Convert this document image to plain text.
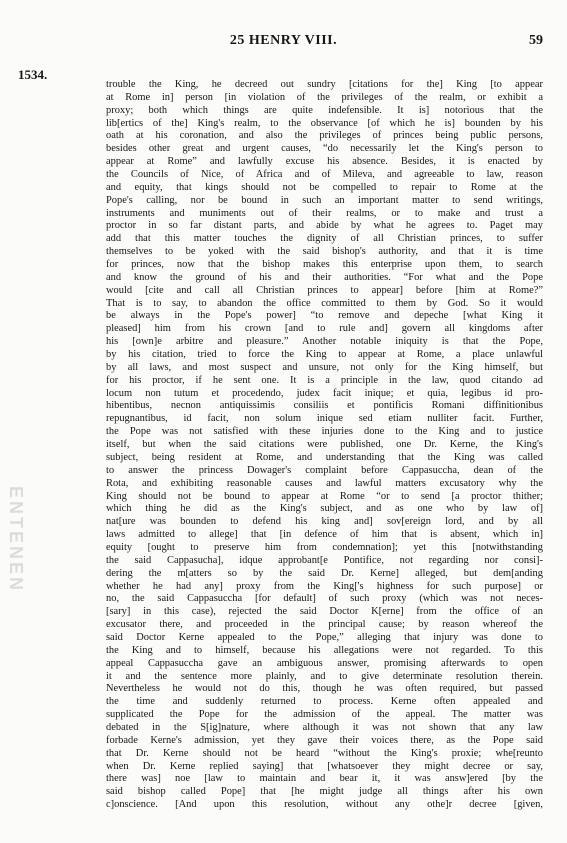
25 HENRY VIII.	59
1534.
ENTENEN
trouble the King, he decreed out sundry [citations for the] King [to appear
at Rome in] person [in violation of the privileges of the realm, or exhibit a
proxy; both which things are quite indefensible. It is] notorious that the
lib[ertics of the] King's realm, to the observance [of which he is] bounden by his
oath at his coronation, and also the privileges of princes being public persons,
besides other great and urgent causes, “do necessarily let the King's person to
appear at Rome” and lawfully excuse his absence. Besides, it is enacted by
the Councils of Nice, of Africa and of Mileva, and agreeable to law, reason
and equity, that kings should not be compelled to repair to Rome at the
Pope's calling, nor be bound in such an important matter to send writings,
instruments and muniments out of their realms, or to make and trust a
proctor in so far distant parts, and abide by what he agrees to. Paget may
add that this matter touches the dignity of all Christian princes, to suffer
themselves to be yoked with the said bishop's authority, and that it is time
for princes, now that the bishop makes this enterprise upon them, to search
and know the ground of his and their authorities. “For what and the Pope
would [cite and call all Christian princes to appear] before [him at Rome?”
That is to say, to abandon the office committed to them by God. So it would
be always in the Pope's power] “to remove and depeche [what King it
pleased] him from his crown [and to rule and] govern all kingdoms after
his [own]e arbitre and pleasure.” Another notable iniquity is that the Pope,
by his citation, tried to force the King to appear at Rome, a place unlawful
by all laws, and most suspect and unsure, not only for the King himself, but
for his proctor, if he sent one. It is a principle in the law, quod citando ad
locum non tutum et procedendo, judex facit inique; et quia, legibus id pro-
hibentibus, necnon antiquissimis consiliis et pontificis Romani diffinitionibus
repugnantibus, id facit, non solum inique sed etiam nulliter facit. Further,
the Pope was not satisfied with these injuries done to the King and to justice
itself, but when the said citations were published, one Dr. Kerne, the King's
subject, being resident at Rome, and understanding that the King was called
to answer the princess Dowager's complaint before Cappasuccha, dean of the
Rota, and exhibiting reasonable causes and lawful matters excusatory why the
King should not be bound to appear at Rome “or to send [a proctor thither;
which thing he did as the King's subject, and as one who by law of]
nat[ure was bounden to defend his king and] sov[ereign lord, and by all
laws admitted to allege] that [in defence of him that is absent, which in]
equity [ought to preserve him from condemnation]; yet this [notwithstanding
the said Cappasucha], idque approbant[e Pontifice, not regarding nor consi]-
dering the m[atters so by the said Dr. Kerne] alleged, but dem[anding
whether he had any] proxy from the King['s highness for such purpose] or
no, the said Cappasuccha [for default] of such proxy (which was not neces-
[sary] in this case), rejected the said Doctor K[erne] from the office of an
excusator there, and proceeded in the principal cause; by reason whereof the
said Doctor Kerne appealed to the Pope,” alleging that injury was done to
the King and to himself, because his allegations were not regarded. To this
appeal Cappasuccha gave an ambiguous answer, promising afterwards to open
it and the sentence more plainly, and to give determinate resolution therein.
Nevertheless he would not do this, though he was often required, but passed
the time and suddenly returned to process. Kerne often appealed and
supplicated the Pope for the admission of the appeal. The matter was
debated in the S[ig]nature, where although it was not shown that any law
forbade Kerne's admission, yet they gave their voices there, as the Pope said
that Dr. Kerne should not be heard “without the King's proxie; whe[reunto
when Dr. Kerne replied saying] that [whatsoever they might decree or say,
there was] noe [law to maintain and bear it, it was answ]ered [by the
said bishop called Pope] that [he might judge all things after his own
c]onscience. [And upon this resolution, without any othe]r decree [given,
